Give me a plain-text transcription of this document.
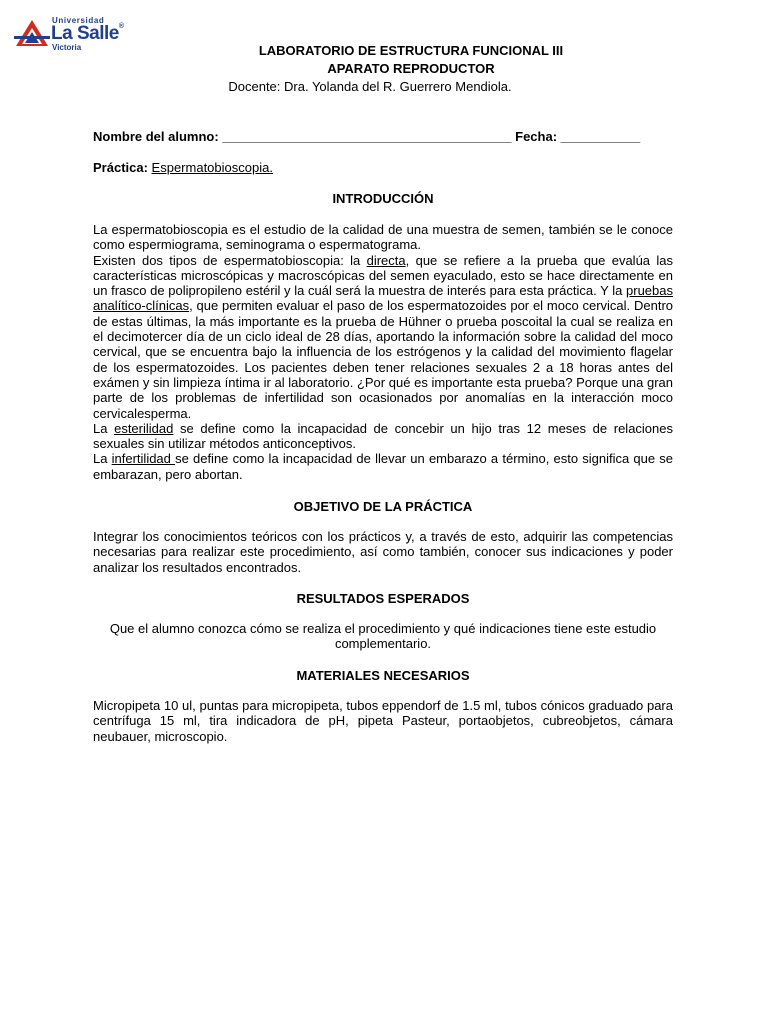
Universidad
La Salle®
Victoria	LABORATORIO DE ESTRUCTURA FUNCIONAL III
APARATO REPRODUCTOR
Docente: Dra. Yolanda del R. Guerrero Mendiola.
Nombre del alumno: ________________________________________ Fecha: ___________
Práctica: Espermatobioscopia.
INTRODUCCIÓN

La espermatobioscopia es el estudio de la calidad de una muestra de semen, también se le conoce como espermiograma, seminograma o espermatograma.

Existen dos tipos de espermatobioscopia: la directa, que se refiere a la prueba que evalúa las características microscópicas y macroscópicas del semen eyaculado, esto se hace directamente en un frasco de polipropileno estéril y la cuál será la muestra de interés para esta práctica. Y la pruebas analítico-clínicas, que permiten evaluar el paso de los espermatozoides por el moco cervical. Dentro de estas últimas, la más importante es la prueba de Hühner o prueba poscoital la cual se realiza en el decimotercer día de un ciclo ideal de 28 días, aportando la información sobre la calidad del moco cervical, que se encuentra bajo la influencia de los estrógenos y la calidad del movimiento flagelar de los espermatozoides. Los pacientes deben tener relaciones sexuales 2 a 18 horas antes del exámen y sin limpieza íntima ir al laboratorio. ¿Por qué es importante esta prueba? Porque una gran parte de los problemas de infertilidad son ocasionados por anomalías en la interacción moco cervicalesperma.

La esterilidad se define como la incapacidad de concebir un hijo tras 12 meses de relaciones sexuales sin utilizar métodos anticonceptivos.

La infertilidad se define como la incapacidad de llevar un embarazo a término, esto significa que se embarazan, pero abortan.

OBJETIVO DE LA PRÁCTICA
Integrar los conocimientos teóricos con los prácticos y, a través de esto, adquirir las competencias necesarias para realizar este procedimiento, así como también, conocer sus indicaciones y poder analizar los resultados encontrados.
RESULTADOS ESPERADOS
Que el alumno conozca cómo se realiza el procedimiento y qué indicaciones tiene este estudio complementario.
MATERIALES NECESARIOS
Micropipeta 10 ul, puntas para micropipeta, tubos eppendorf de 1.5 ml, tubos cónicos graduado para centrífuga 15 ml, tira indicadora de pH, pipeta Pasteur, portaobjetos, cubreobjetos, cámara neubauer, microscopio.
